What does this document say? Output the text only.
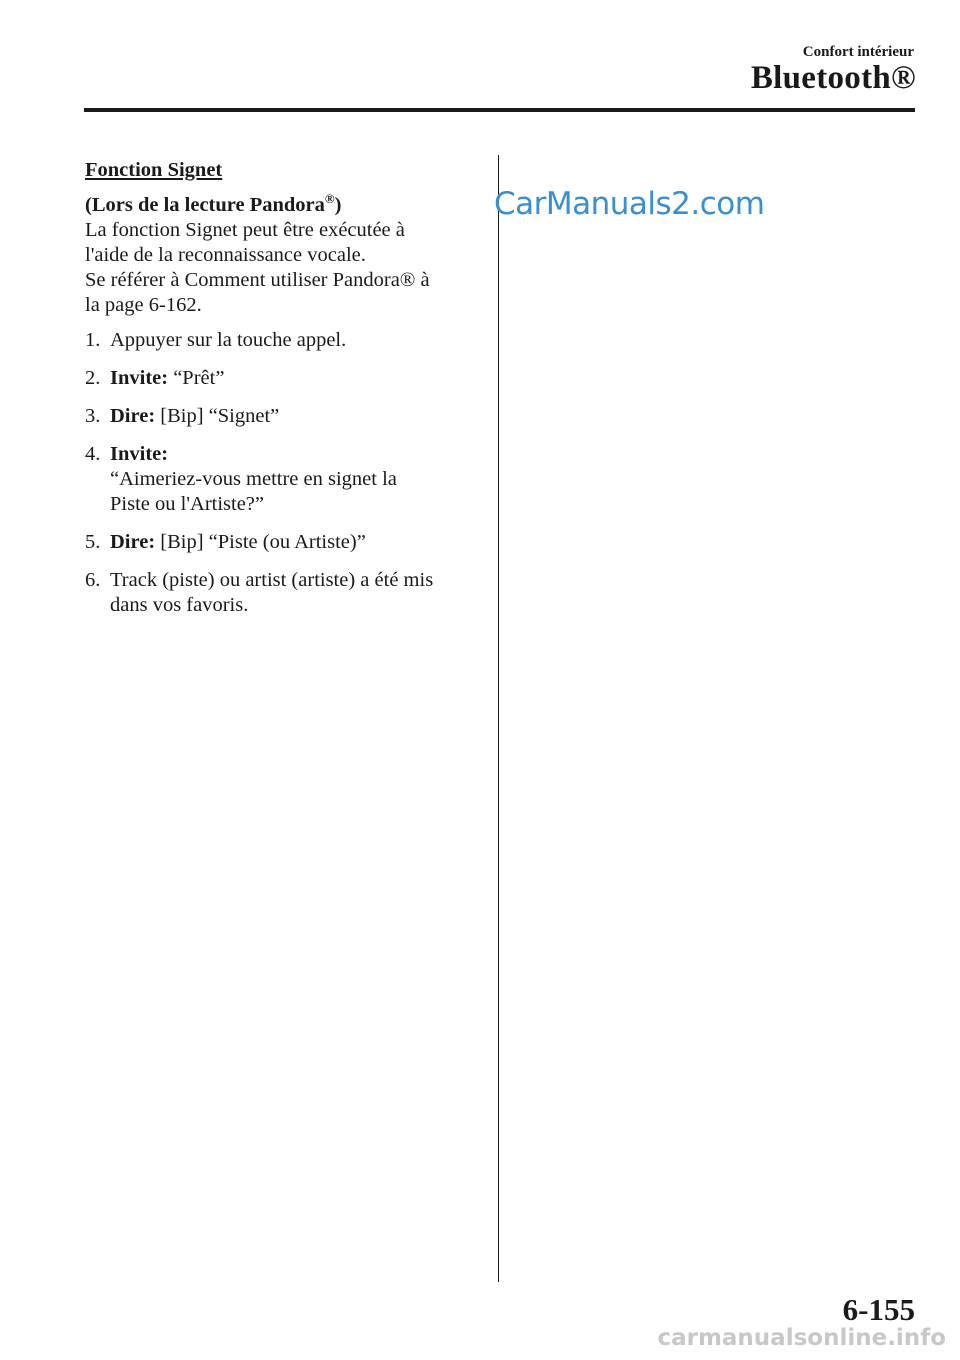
Confort intérieur
Bluetooth®

Fonction Signet

(Lors de la lecture Pandora®)

La fonction Signet peut être exécutée à

l'aide de la reconnaissance vocale.

Se référer à Comment utiliser Pandora® à

la page 6-162.

1. Appuyer sur la touche appel.
2. Invite: “Prêt”
3. Dire: [Bip] “Signet”
4. Invite:
“Aimeriez-vous mettre en signet la
Piste ou l'Artiste?”
5. Dire: [Bip] “Piste (ou Artiste)”
6. Track (piste) ou artist (artiste) a été mis
dans vos favoris.
CarManuals2.com
6-155
carmanualsonline.info
